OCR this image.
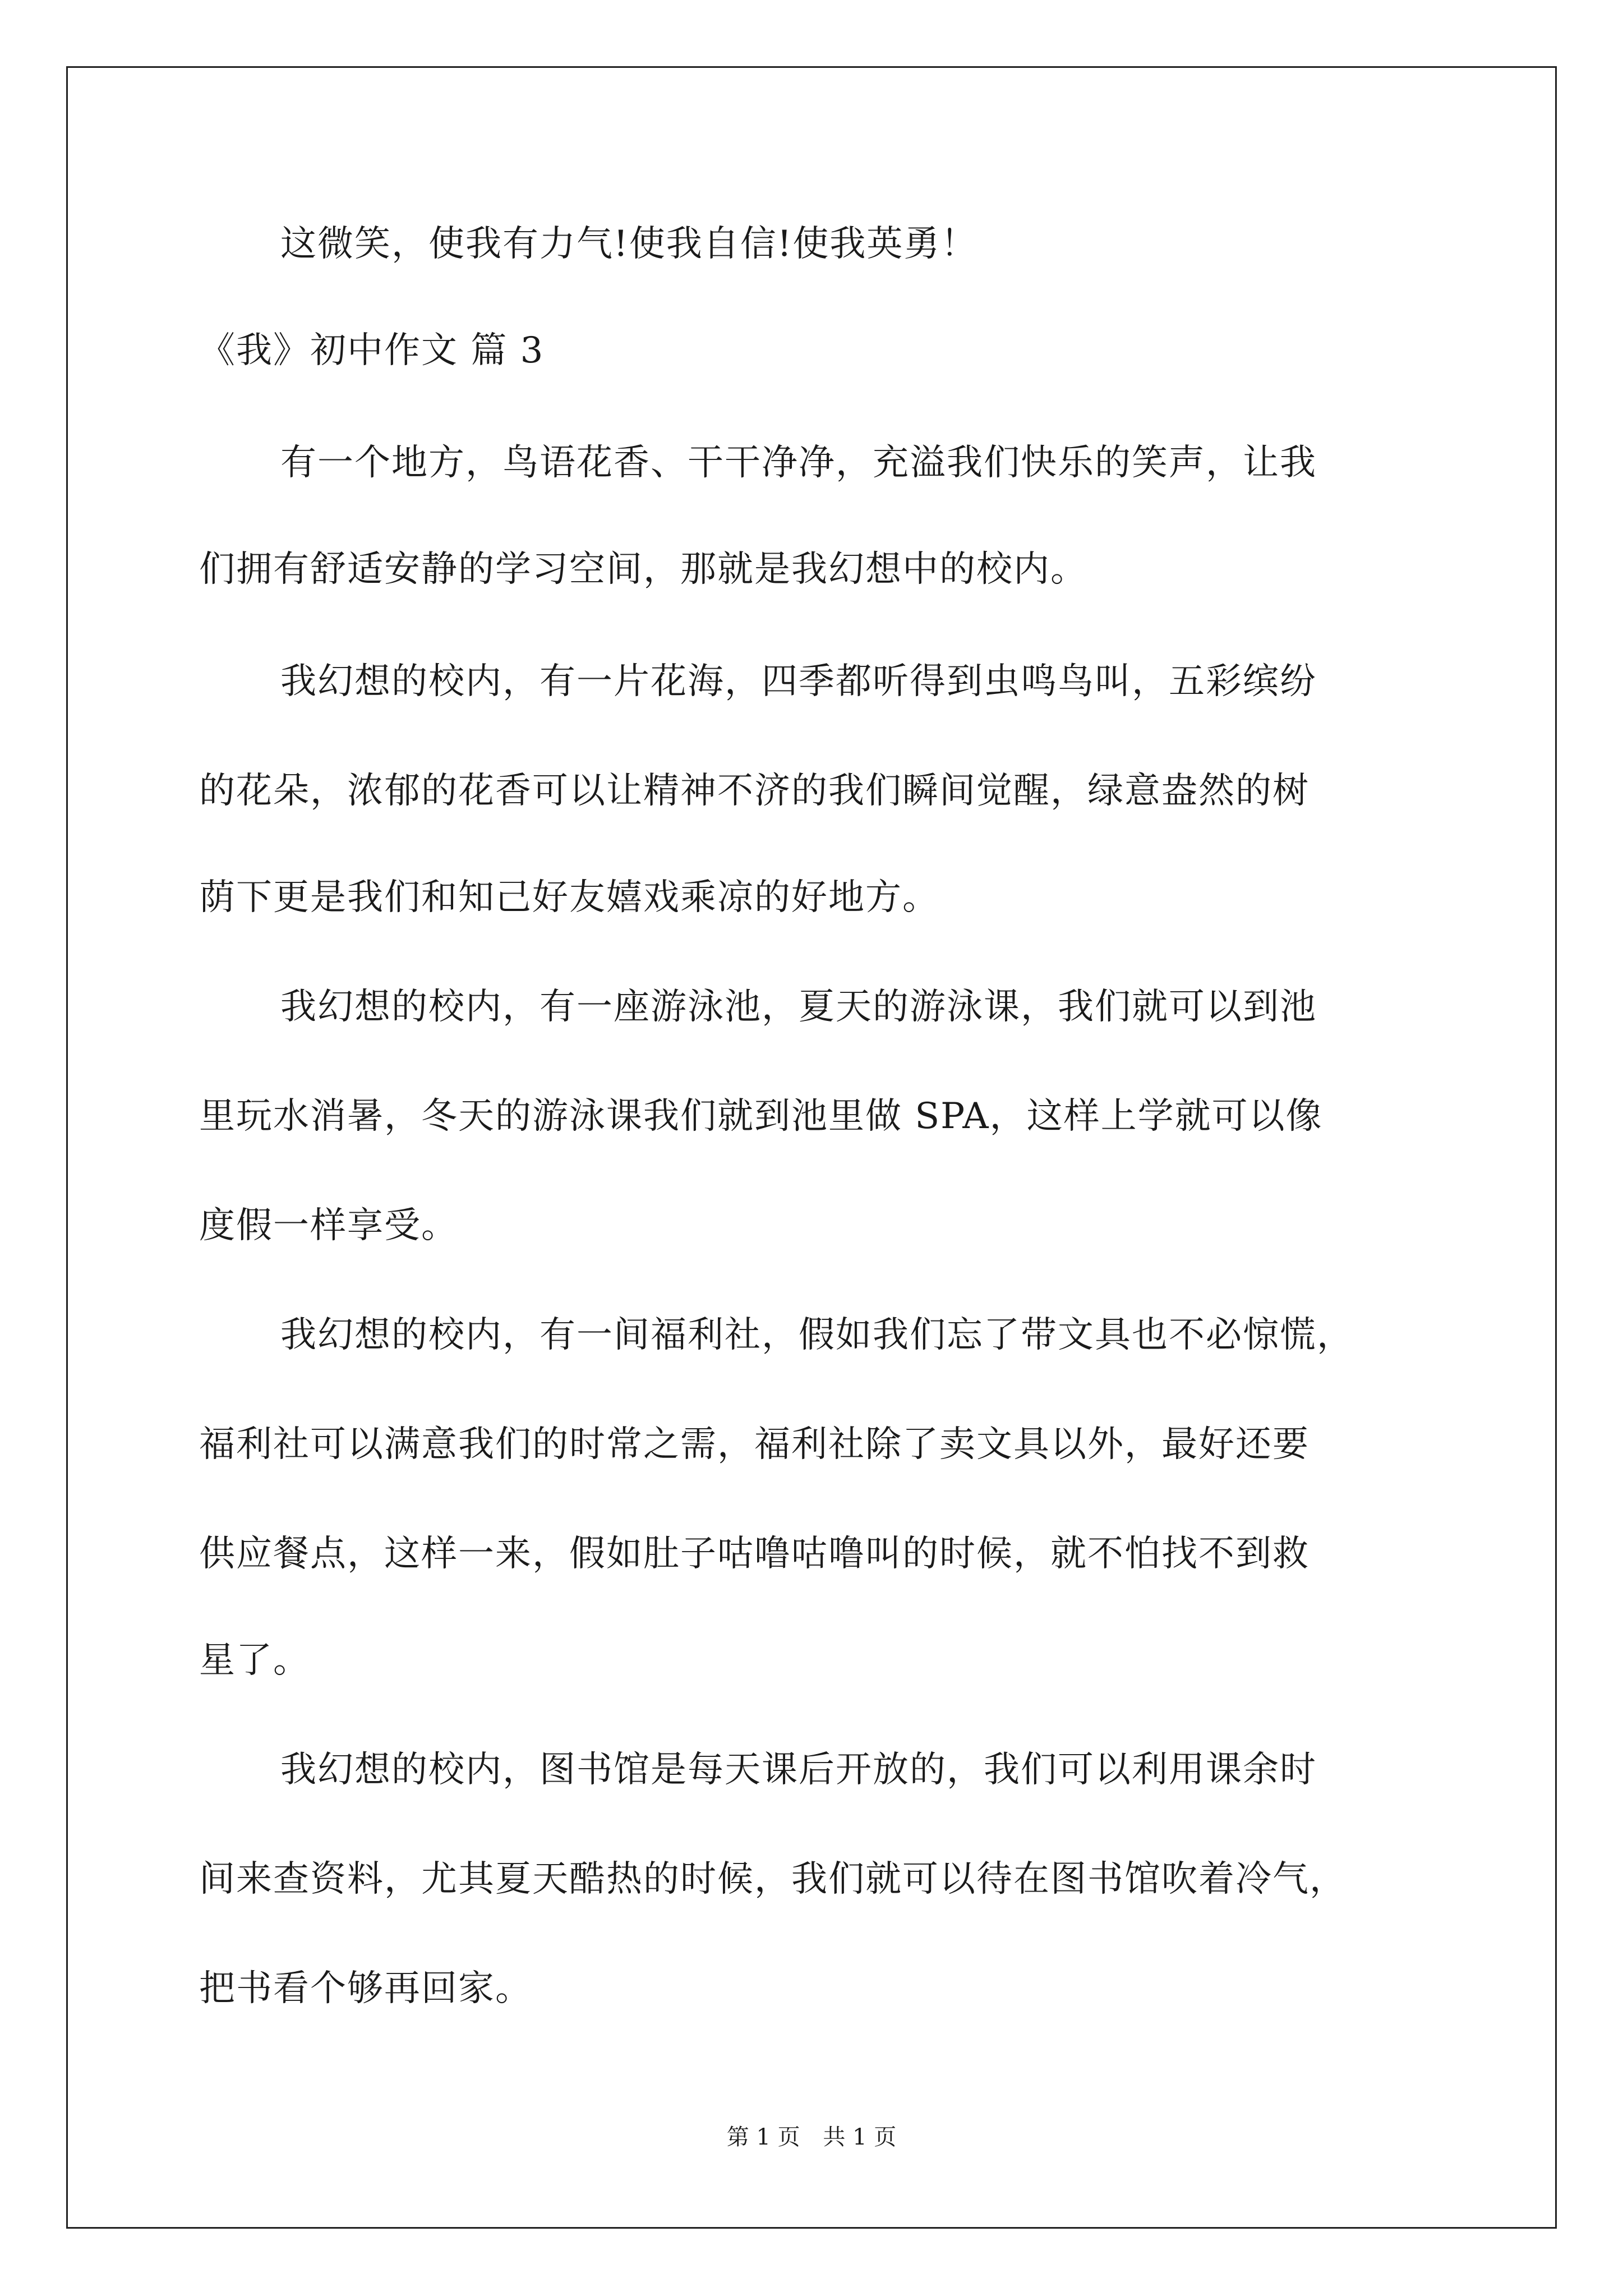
这微笑，使我有力气!使我自信!使我英勇！
《我》初中作文 篇 3
有一个地方，鸟语花香、干干净净，充溢我们快乐的笑声，让我
们拥有舒适安静的学习空间，那就是我幻想中的校内。
我幻想的校内，有一片花海，四季都听得到虫鸣鸟叫，五彩缤纷
的花朵，浓郁的花香可以让精神不济的我们瞬间觉醒，绿意盎然的树
荫下更是我们和知己好友嬉戏乘凉的好地方。
我幻想的校内，有一座游泳池，夏天的游泳课，我们就可以到池
里玩水消暑，冬天的游泳课我们就到池里做 SPA，这样上学就可以像
度假一样享受。
我幻想的校内，有一间福利社，假如我们忘了带文具也不必惊慌，
福利社可以满意我们的时常之需，福利社除了卖文具以外，最好还要
供应餐点，这样一来，假如肚子咕噜咕噜叫的时候，就不怕找不到救
星了。
我幻想的校内，图书馆是每天课后开放的，我们可以利用课余时
间来查资料，尤其夏天酷热的时候，我们就可以待在图书馆吹着冷气，
把书看个够再回家。
第 1 页 共 1 页
